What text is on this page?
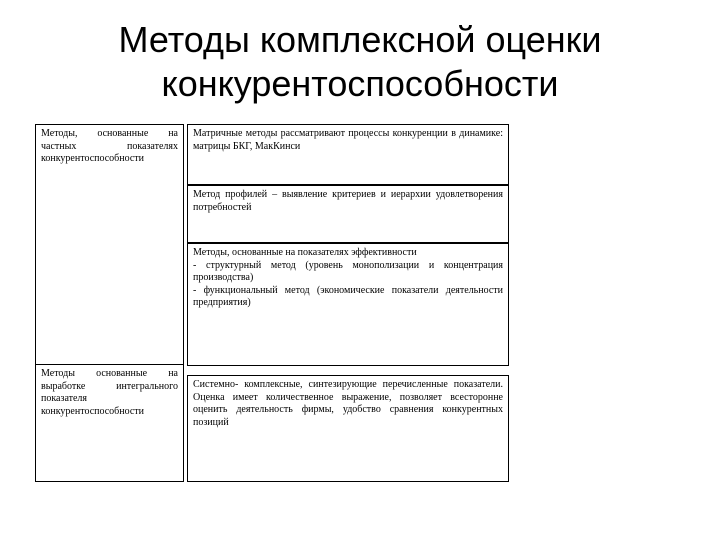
Методы комплексной оценки
конкурентоспособности
Методы, основанные на частных показателях конкурентоспособности
Методы основанные на выработке интегрального показателя конкурентоспособности
Матричные методы рассматривают процессы конкуренции в динамике: матрицы БКГ, МакКинси
Метод профилей – выявление критериев и иерархии удовлетворения потребностей
Методы, основанные на показателях эффективности
- структурный метод (уровень монополизации и концентрация производства)
- функциональный метод (экономические показатели деятельности предприятия)
Системно- комплексные, синтезирующие перечисленные показатели. Оценка имеет количественное выражение, позволяет всесторонне оценить деятельность фирмы, удобство сравнения конкурентных позиций
